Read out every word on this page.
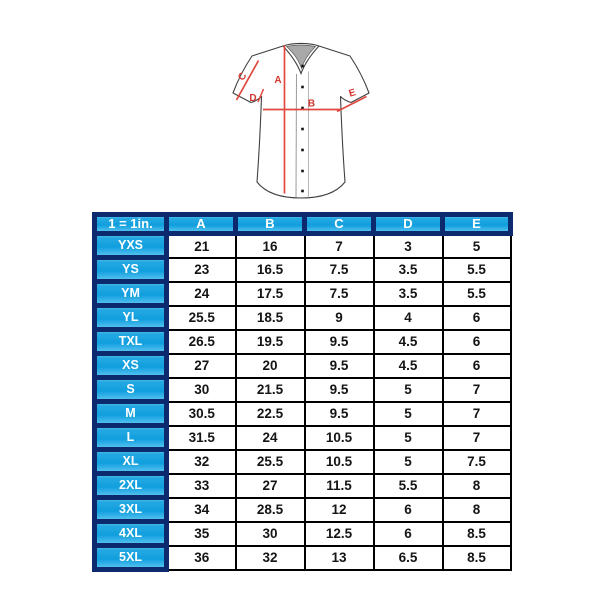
A
B
C
D	E
1 = 1in.	A	B	C	D	E
YXS	21	16	7	3	5
YS	23	16.5	7.5	3.5	5.5
YM	24	17.5	7.5	3.5	5.5
YL	25.5	18.5	9	4	6
TXL	26.5	19.5	9.5	4.5	6
XS	27	20	9.5	4.5	6
S	30	21.5	9.5	5	7
M	30.5	22.5	9.5	5	7
L	31.5	24	10.5	5	7
XL	32	25.5	10.5	5	7.5
2XL	33	27	11.5	5.5	8
3XL	34	28.5	12	6	8
4XL	35	30	12.5	6	8.5
5XL	36	32	13	6.5	8.5
